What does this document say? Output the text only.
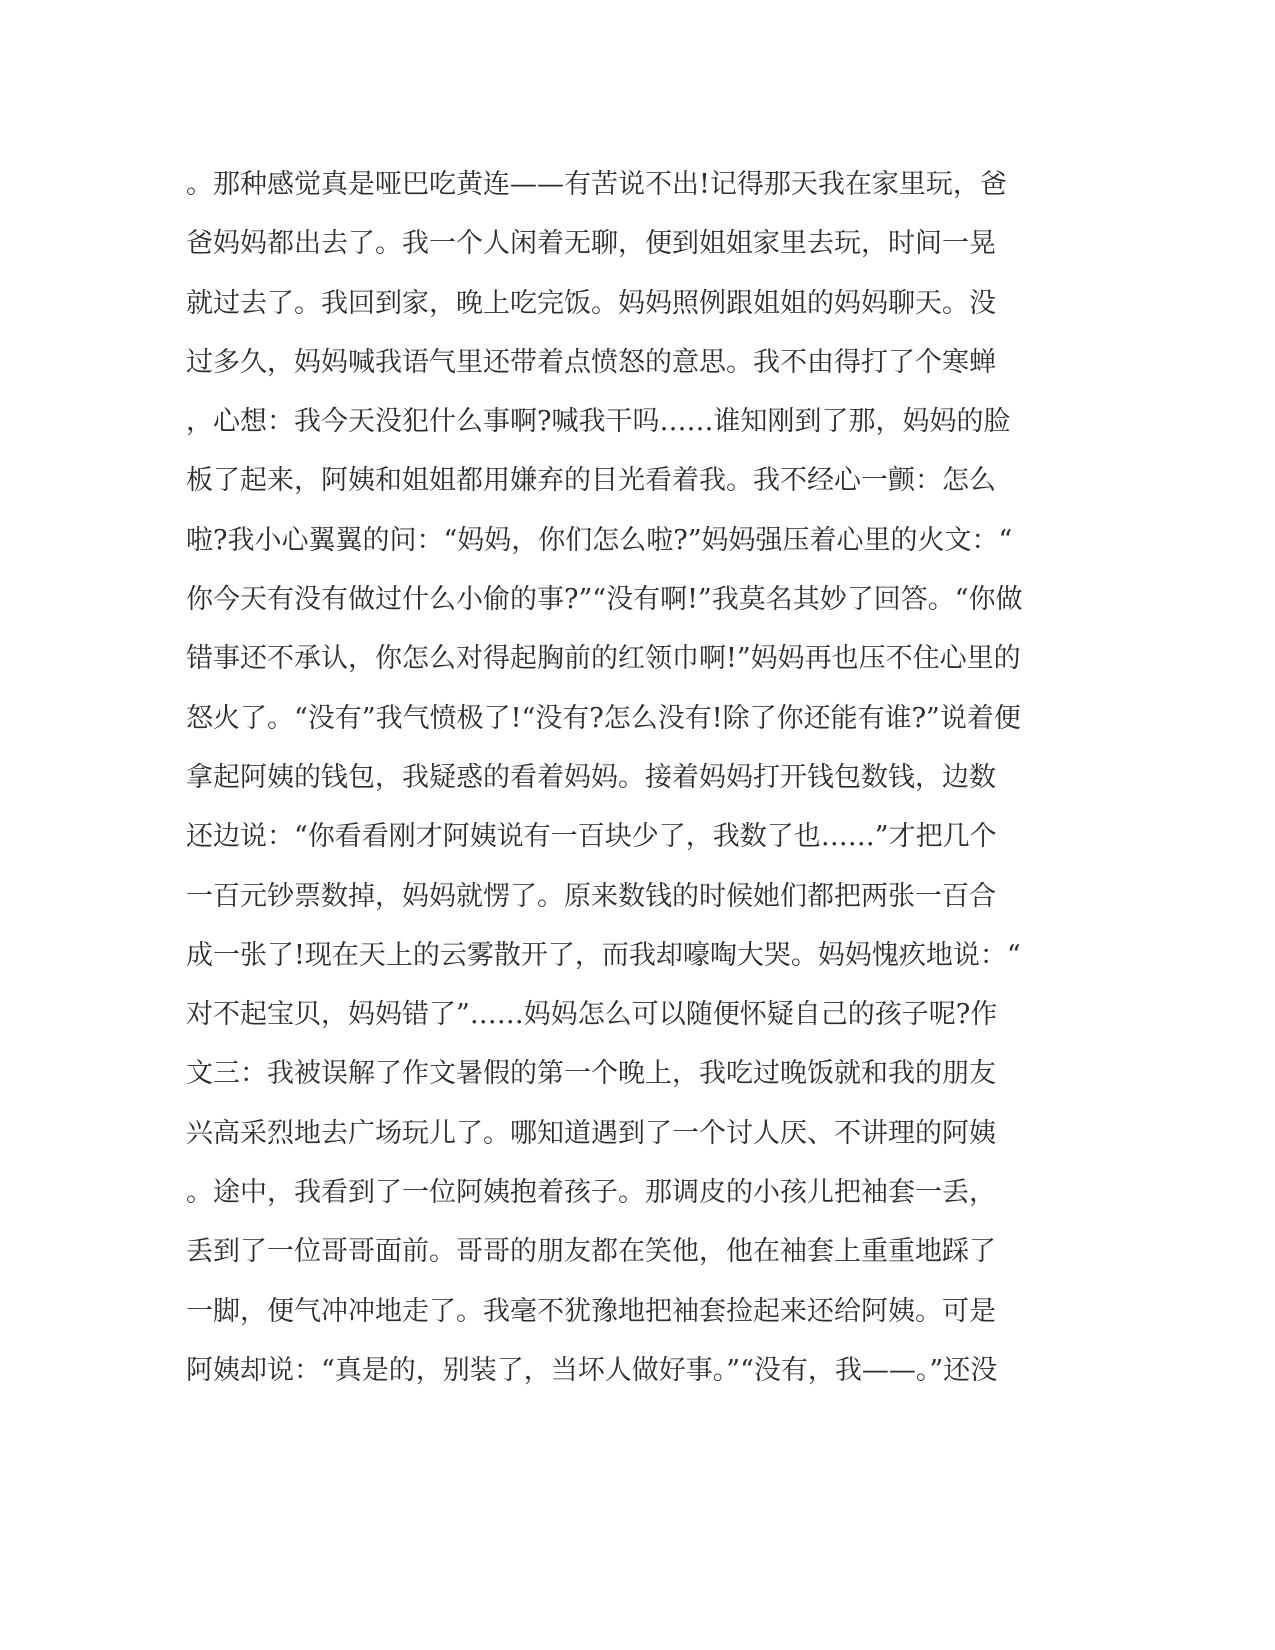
。那种感觉真是哑巴吃黄连——有苦说不出!记得那天我在家里玩，爸
爸妈妈都出去了。我一个人闲着无聊，便到姐姐家里去玩，时间一晃
就过去了。我回到家，晚上吃完饭。妈妈照例跟姐姐的妈妈聊天。没
过多久，妈妈喊我语气里还带着点愤怒的意思。我不由得打了个寒蝉
，心想：我今天没犯什么事啊?喊我干吗……谁知刚到了那，妈妈的脸
板了起来，阿姨和姐姐都用嫌弃的目光看着我。我不经心一颤：怎么
啦?我小心翼翼的问：“妈妈，你们怎么啦?”妈妈强压着心里的火文：“
你今天有没有做过什么小偷的事?”“没有啊!”我莫名其妙了回答。“你做
错事还不承认，你怎么对得起胸前的红领巾啊!”妈妈再也压不住心里的
怒火了。“没有”我气愤极了!“没有?怎么没有!除了你还能有谁?”说着便
拿起阿姨的钱包，我疑惑的看着妈妈。接着妈妈打开钱包数钱，边数
还边说：“你看看刚才阿姨说有一百块少了，我数了也……”才把几个
一百元钞票数掉，妈妈就愣了。原来数钱的时候她们都把两张一百合
成一张了!现在天上的云雾散开了，而我却嚎啕大哭。妈妈愧疚地说：“
对不起宝贝，妈妈错了”……妈妈怎么可以随便怀疑自己的孩子呢?作
文三：我被误解了作文暑假的第一个晚上，我吃过晚饭就和我的朋友
兴高采烈地去广场玩儿了。哪知道遇到了一个讨人厌、不讲理的阿姨
。途中，我看到了一位阿姨抱着孩子。那调皮的小孩儿把袖套一丢，
丢到了一位哥哥面前。哥哥的朋友都在笑他，他在袖套上重重地踩了
一脚，便气冲冲地走了。我毫不犹豫地把袖套捡起来还给阿姨。可是
阿姨却说：“真是的，别装了，当坏人做好事。”“没有，我——。”还没
